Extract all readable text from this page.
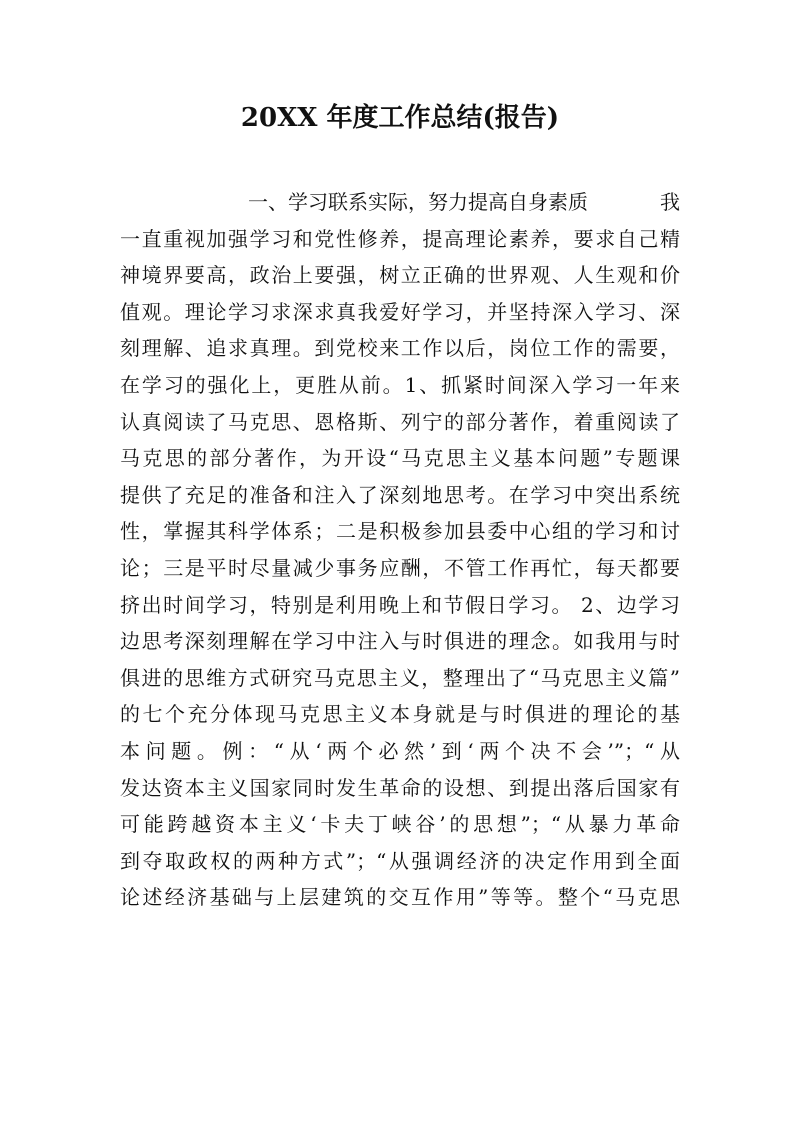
20XX 年度工作总结(报告)
一、学习联系实际，努力提高自身素质	我
一直重视加强学习和党性修养，提高理论素养，要求自己精
神境界要高，政治上要强，树立正确的世界观、人生观和价
值观。理论学习求深求真我爱好学习，并坚持深入学习、深
刻理解、追求真理。到党校来工作以后，岗位工作的需要，
在学习的强化上，更胜从前。1、抓紧时间深入学习一年来
认真阅读了马克思、恩格斯、列宁的部分著作，着重阅读了
马克思的部分著作，为开设“马克思主义基本问题”专题课
提供了充足的准备和注入了深刻地思考。在学习中突出系统
性，掌握其科学体系；二是积极参加县委中心组的学习和讨
论；三是平时尽量减少事务应酬，不管工作再忙，每天都要
挤出时间学习，特别是利用晚上和节假日学习。 2、边学习
边思考深刻理解在学习中注入与时俱进的理念。如我用与时
俱进的思维方式研究马克思主义，整理出了“马克思主义篇”
的七个充分体现马克思主义本身就是与时俱进的理论的基
本问题。例：“从‘两个必然’到‘两个决不会’”；“从
发达资本主义国家同时发生革命的设想、到提出落后国家有
可能跨越资本主义‘卡夫丁峡谷’的思想”；“从暴力革命
到夺取政权的两种方式”；“从强调经济的决定作用到全面
论述经济基础与上层建筑的交互作用”等等。整个“马克思
